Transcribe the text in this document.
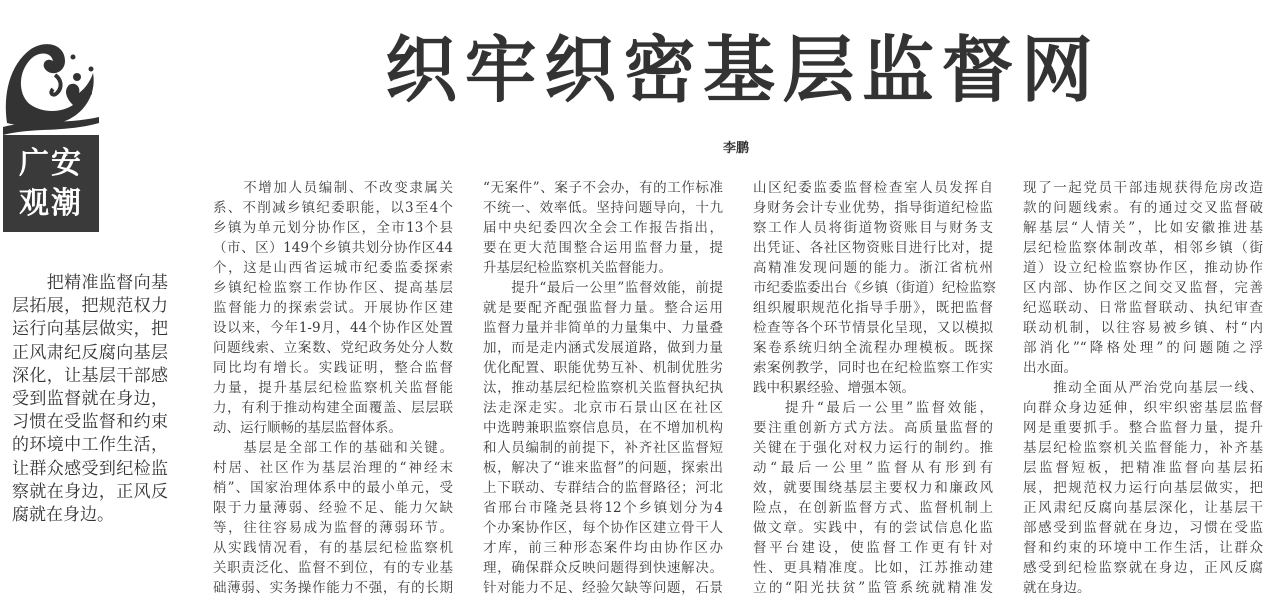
广安
观潮
织牢织密基层监督网
李鹏
　　把精准监督向基
层拓展，把规范权力
运行向基层做实，把
正风肃纪反腐向基层
深化，让基层干部感
受到监督就在身边，
习惯在受监督和约束
的环境中工作生活，
让群众感受到纪检监
察就在身边，正风反
腐就在身边。
　　不增加人员编制、不改变隶属关
系、不削减乡镇纪委职能，以3至4个
乡镇为单元划分协作区，全市13个县
（市、区）149个乡镇共划分协作区44
个，这是山西省运城市纪委监委探索
乡镇纪检监察工作协作区、提高基层
监督能力的探索尝试。开展协作区建
设以来，今年1-9月，44个协作区处置
问题线索、立案数、党纪政务处分人数
同比均有增长。实践证明，整合监督
力量，提升基层纪检监察机关监督能
力，有利于推动构建全面覆盖、层层联
动、运行顺畅的基层监督体系。
　　基层是全部工作的基础和关键。
村居、社区作为基层治理的“神经末
梢”、国家治理体系中的最小单元，受
限于力量薄弱、经验不足、能力欠缺
等，往往容易成为监督的薄弱环节。
从实践情况看，有的基层纪检监察机
关职责泛化、监督不到位，有的专业基
础薄弱、实务操作能力不强，有的长期
“无案件”、案子不会办，有的工作标准
不统一、效率低。坚持问题导向，十九
届中央纪委四次全会工作报告指出，
要在更大范围整合运用监督力量，提
升基层纪检监察机关监督能力。
　　提升“最后一公里”监督效能，前提
就是要配齐配强监督力量。整合运用
监督力量并非简单的力量集中、力量叠
加，而是走内涵式发展道路，做到力量
优化配置、职能优势互补、机制优胜劣
汰，推动基层纪检监察机关监督执纪执
法走深走实。北京市石景山区在社区
中选聘兼职监察信息员，在不增加机构
和人员编制的前提下，补齐社区监督短
板，解决了“谁来监督”的问题，探索出
上下联动、专群结合的监督路径；河北
省邢台市隆尧县将12个乡镇划分为4
个办案协作区，每个协作区建立骨干人
才库，前三种形态案件均由协作区办
理，确保群众反映问题得到快速解决。
针对能力不足、经验欠缺等问题，石景
山区纪委监委监督检查室人员发挥自
身财务会计专业优势，指导街道纪检监
察工作人员将街道物资账目与财务支
出凭证、各社区物资账目进行比对，提
高精准发现问题的能力。浙江省杭州
市纪委监委出台《乡镇（街道）纪检监察
组织履职规范化指导手册》，既把监督
检查等各个环节情景化呈现，又以模拟
案卷系统归纳全流程办理模板。既探
索案例教学，同时也在纪检监察工作实
践中积累经验、增强本领。
　　提升“最后一公里”监督效能，
要注重创新方式方法。高质量监督的
关键在于强化对权力运行的制约。推
动“最后一公里”监督从有形到有
效，就要围绕基层主要权力和廉政风
险点，在创新监督方式、监督机制上
做文章。实践中，有的尝试信息化监
督平台建设，使监督工作更有针对
性、更具精准度。比如，江苏推动建
立的“阳光扶贫”监管系统就精准发
现了一起党员干部违规获得危房改造
款的问题线索。有的通过交叉监督破
解基层“人情关”，比如安徽推进基
层纪检监察体制改革，相邻乡镇（街
道）设立纪检监察协作区，推动协作
区内部、协作区之间交叉监督，完善
纪巡联动、日常监督联动、执纪审查
联动机制，以往容易被乡镇、村“内
部消化”“降格处理”的问题随之浮
出水面。
　　推动全面从严治党向基层一线、
向群众身边延伸，织牢织密基层监督
网是重要抓手。整合监督力量，提升
基层纪检监察机关监督能力，补齐基
层监督短板，把精准监督向基层拓
展，把规范权力运行向基层做实，把
正风肃纪反腐向基层深化，让基层干
部感受到监督就在身边，习惯在受监
督和约束的环境中工作生活，让群众
感受到纪检监察就在身边，正风反腐
就在身边。
